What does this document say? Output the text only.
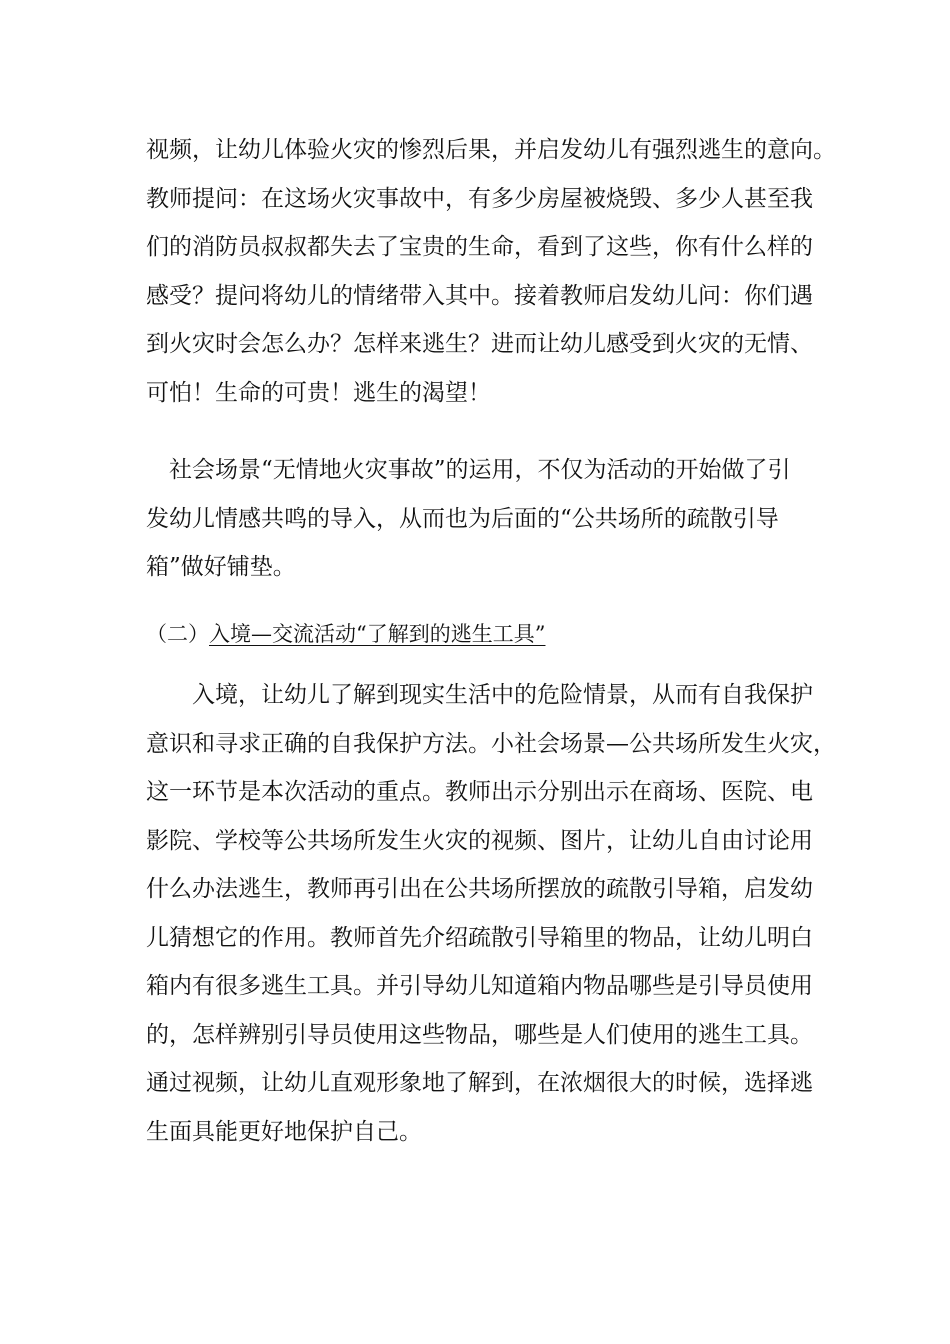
视频，让幼儿体验火灾的惨烈后果，并启发幼儿有强烈逃生的意向。
教师提问：在这场火灾事故中，有多少房屋被烧毁、多少人甚至我
们的消防员叔叔都失去了宝贵的生命，看到了这些，你有什么样的
感受？提问将幼儿的情绪带入其中。接着教师启发幼儿问：你们遇
到火灾时会怎么办？怎样来逃生？进而让幼儿感受到火灾的无情、
可怕！生命的可贵！逃生的渴望！

　社会场景“无情地火灾事故”的运用，不仅为活动的开始做了引
发幼儿情感共鸣的导入，从而也为后面的“公共场所的疏散引导
箱”做好铺垫。

（二）入境—交流活动“了解到的逃生工具”

　　入境，让幼儿了解到现实生活中的危险情景，从而有自我保护
意识和寻求正确的自我保护方法。小社会场景—公共场所发生火灾，
这一环节是本次活动的重点。教师出示分别出示在商场、医院、电
影院、学校等公共场所发生火灾的视频、图片，让幼儿自由讨论用
什么办法逃生，教师再引出在公共场所摆放的疏散引导箱，启发幼
儿猜想它的作用。教师首先介绍疏散引导箱里的物品，让幼儿明白
箱内有很多逃生工具。并引导幼儿知道箱内物品哪些是引导员使用
的，怎样辨别引导员使用这些物品，哪些是人们使用的逃生工具。
通过视频，让幼儿直观形象地了解到，在浓烟很大的时候，选择逃
生面具能更好地保护自己。
